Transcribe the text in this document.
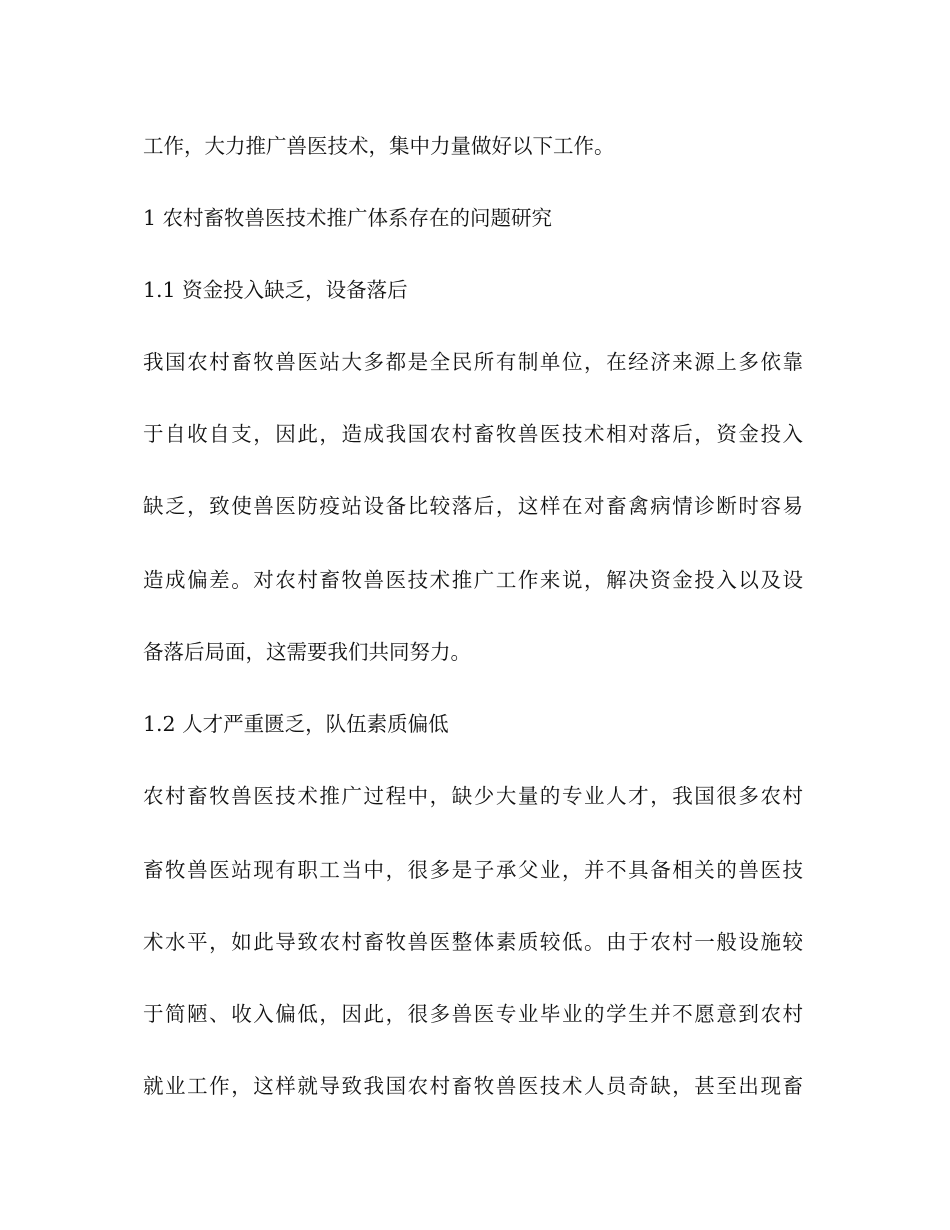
工作，大力推广兽医技术，集中力量做好以下工作。
1 农村畜牧兽医技术推广体系存在的问题研究
1.1 资金投入缺乏，设备落后
我国农村畜牧兽医站大多都是全民所有制单位，在经济来源上多依靠
于自收自支，因此，造成我国农村畜牧兽医技术相对落后，资金投入
缺乏，致使兽医防疫站设备比较落后，这样在对畜禽病情诊断时容易
造成偏差。对农村畜牧兽医技术推广工作来说，解决资金投入以及设
备落后局面，这需要我们共同努力。
1.2 人才严重匮乏，队伍素质偏低
农村畜牧兽医技术推广过程中，缺少大量的专业人才，我国很多农村
畜牧兽医站现有职工当中，很多是子承父业，并不具备相关的兽医技
术水平，如此导致农村畜牧兽医整体素质较低。由于农村一般设施较
于简陋、收入偏低，因此，很多兽医专业毕业的学生并不愿意到农村
就业工作，这样就导致我国农村畜牧兽医技术人员奇缺，甚至出现畜
